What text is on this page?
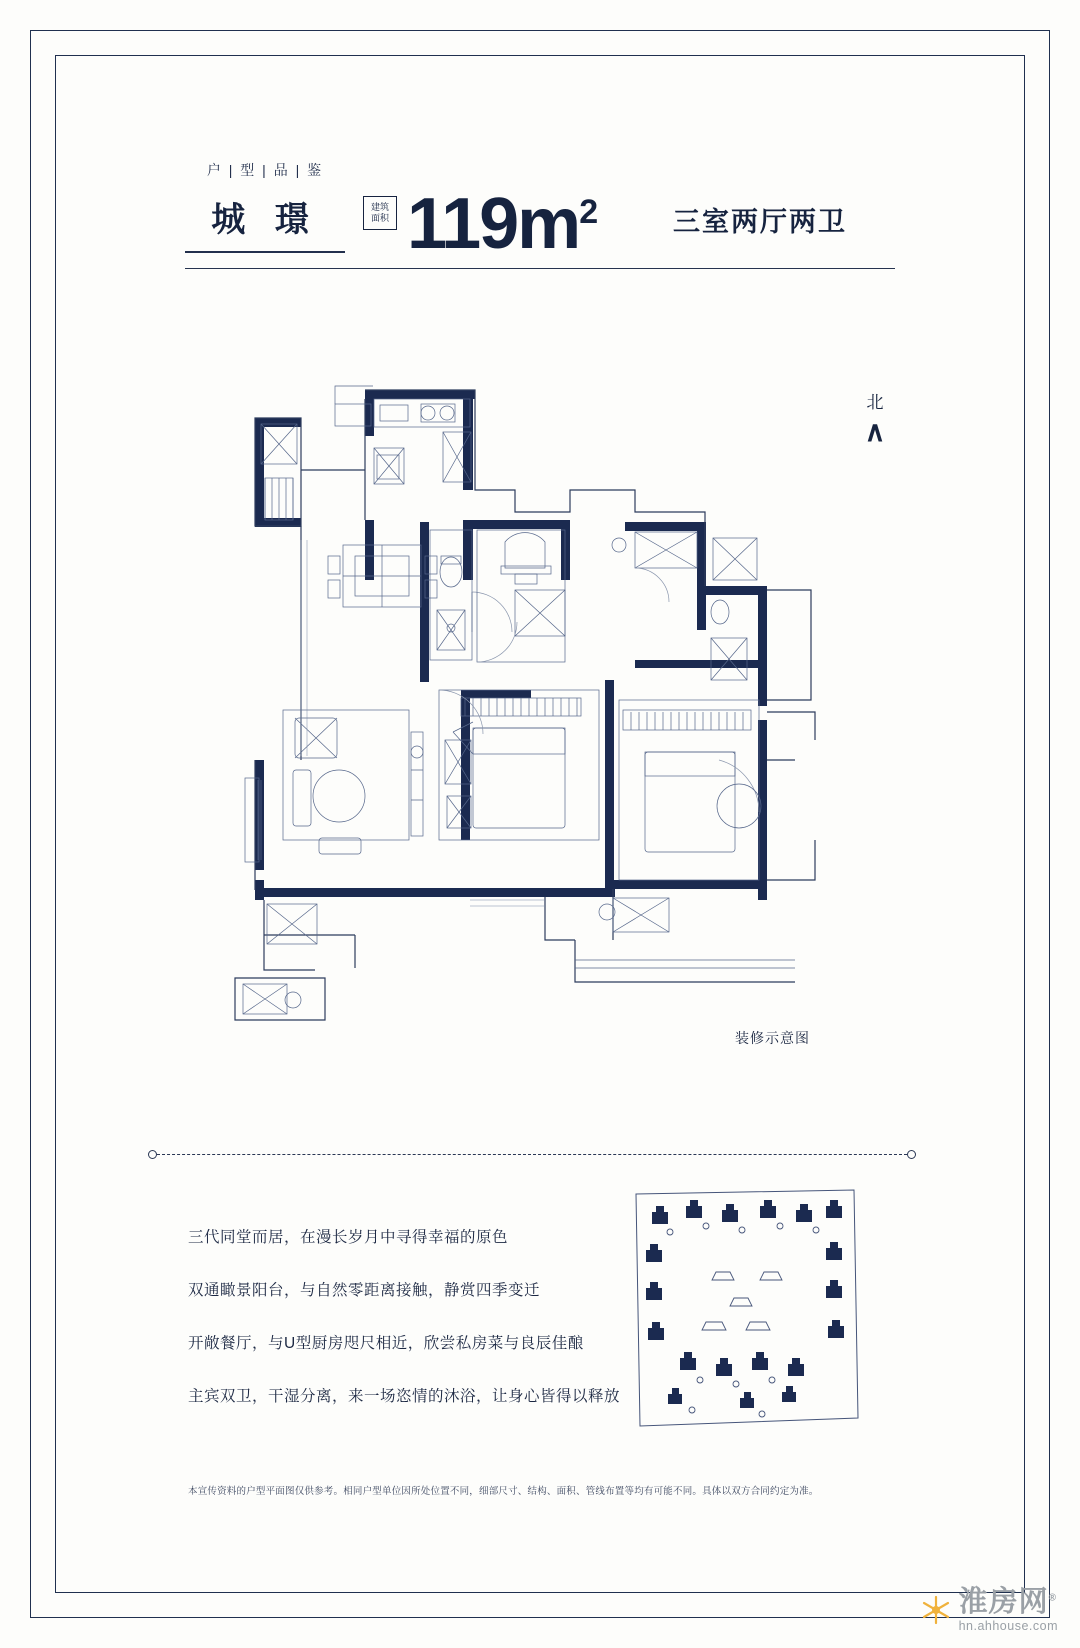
户 | 型 | 品 | 鉴
城 璟	建筑
面积 $119m^2$	三室两厅两卫
北
∧
装修示意图
三代同堂而居，在漫长岁月中寻得幸福的原色
双通瞰景阳台，与自然零距离接触，静赏四季变迁
开敞餐厅，与U型厨房咫尺相近，欣尝私房菜与良辰佳酿
主宾双卫，干湿分离，来一场恣情的沐浴，让身心皆得以释放
本宣传资料的户型平面图仅供参考。相同户型单位因所处位置不同，细部尺寸、结构、面积、管线布置等均有可能不同。具体以双方合同约定为准。
淮房网®
hn.ahhouse.com
